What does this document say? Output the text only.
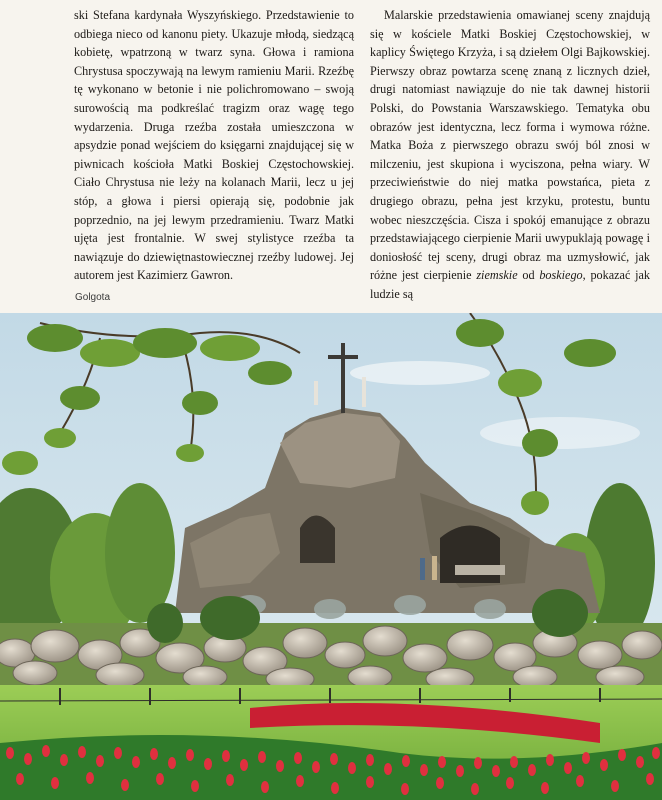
ski Stefana kardynała Wyszyńskiego. Przedstawienie to odbiega nieco od kanonu piety. Ukazuje młodą, siedzącą kobietę, wpatrzoną w twarz syna. Głowa i ramiona Chrystusa spoczywają na lewym ramieniu Marii. Rzeźbę tę wykonano w betonie i nie polichromowano – swoją surowością ma podkreślać tragizm oraz wagę tego wydarzenia. Druga rzeźba została umieszczona w apsydzie ponad wejściem do księgarni znajdującej się w piwnicach kościoła Matki Boskiej Częstochowskiej. Ciało Chrystusa nie leży na kolanach Marii, lecz u jej stóp, a głowa i piersi opierają się, podobnie jak poprzednio, na jej lewym przedramieniu. Twarz Matki ujęta jest frontalnie. W swej stylistyce rzeźba ta nawiązuje do dziewiętnastowiecznej rzeźby ludowej. Jej autorem jest Kazimierz Gawron.

Malarskie przedstawienia omawianej sceny znajdują się w kościele Matki Boskiej Częstochowskiej, w kaplicy Świętego Krzyża, i są dziełem Olgi Bajkowskiej. Pierwszy obraz powtarza scenę znaną z licznych dzieł, drugi natomiast nawiązuje do nie tak dawnej historii Polski, do Powstania Warszawskiego. Tematyka obu obrazów jest identyczna, lecz forma i wymowa różne. Matka Boża z pierwszego obrazu swój ból znosi w milczeniu, jest skupiona i wyciszona, pełna wiary. W przeciwieństwie do niej matka powstańca, pieta z drugiego obrazu, pełna jest krzyku, protestu, buntu wobec nieszczęścia. Cisza i spokój emanujące z obrazu przedstawiającego cierpienie Marii uwypuklają powagę i doniosłość tej sceny, drugi obraz ma uzmysłowić, jak różne jest cierpienie ziemskie od boskiego, pokazać jak ludzie są

Golgota
